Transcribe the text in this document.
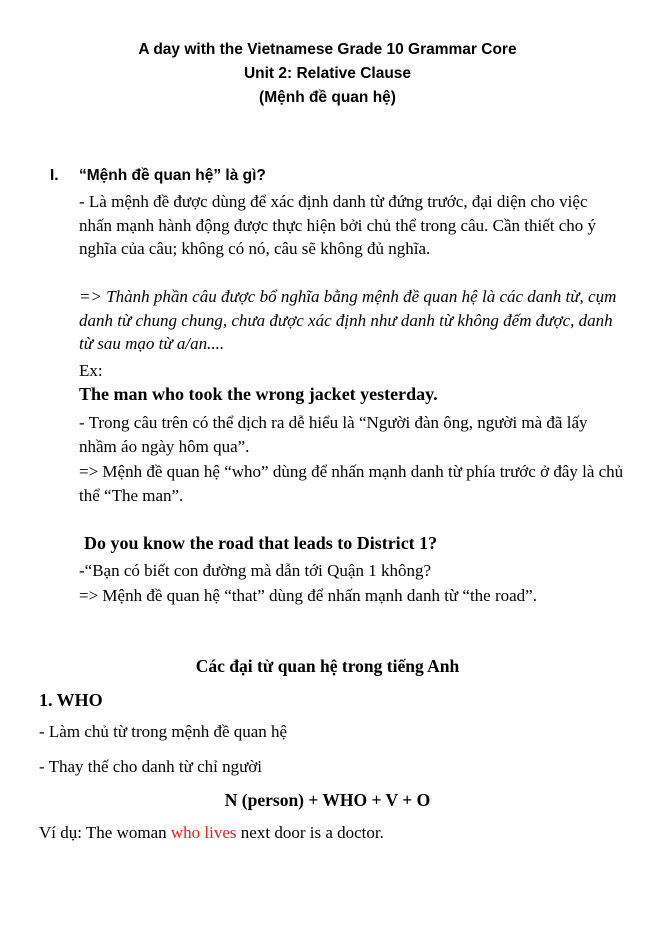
A day with the Vietnamese Grade 10 Grammar Core
Unit 2: Relative Clause
(Mệnh đề quan hệ)
I. “Mệnh đề quan hệ” là gì?
- Là mệnh đề được dùng để xác định danh từ đứng trước, đại diện cho việc nhấn mạnh hành động được thực hiện bởi chủ thể trong câu. Cần thiết cho ý nghĩa của câu; không có nó, câu sẽ không đủ nghĩa.
=> Thành phần câu được bổ nghĩa bằng mệnh đề quan hệ là các danh từ, cụm danh từ chung chung, chưa được xác định như danh từ không đếm được, danh từ sau mạo từ a/an....
Ex:
The man who took the wrong jacket yesterday.
- Trong câu trên có thể dịch ra dễ hiểu là “Người đàn ông, người mà đã lấy nhầm áo ngày hôm qua”.
=> Mệnh đề quan hệ “who” dùng để nhấn mạnh danh từ phía trước ở đây là chủ thể “The man”.
Do you know the road that leads to District 1?
-“Bạn có biết con đường mà dẫn tới Quận 1 không?
=> Mệnh đề quan hệ “that” dùng để nhấn mạnh danh từ “the road”.
Các đại từ quan hệ trong tiếng Anh
1. WHO
- Làm chủ từ trong mệnh đề quan hệ
- Thay thế cho danh từ chỉ người
N (person) + WHO + V + O
Ví dụ: The woman who lives next door is a doctor.
